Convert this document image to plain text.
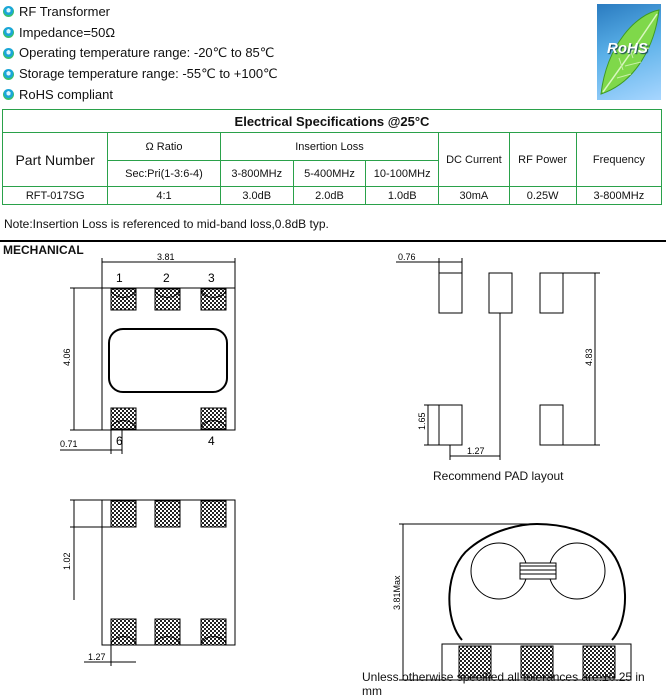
RF Transformer
Impedance=50Ω
Operating temperature range: -20℃ to 85℃
Storage temperature range: -55℃ to +100℃
RoHS compliant
RoHS
Electrical Specifications @25°C							
Part Number	Ω Ratio	Insertion Loss			DC Current	RF Power	Frequency
	Sec:Pri(1-3:6-4)	3-800MHz	5-400MHz	10-100MHz			
RFT-017SG	4:1	3.0dB	2.0dB	1.0dB	30mA	0.25W	3-800MHz
Note:Insertion Loss is referenced to mid-band loss,0.8dB typ.
MECHANICAL	3.81
4.06
0.71
1	2	3
6	4
0.76
1.65
1.27
4.83
1.02
1.27
3.81Max
Recommend PAD layout
Unless otherwise specified all tolerances are:±0.25 in mm
